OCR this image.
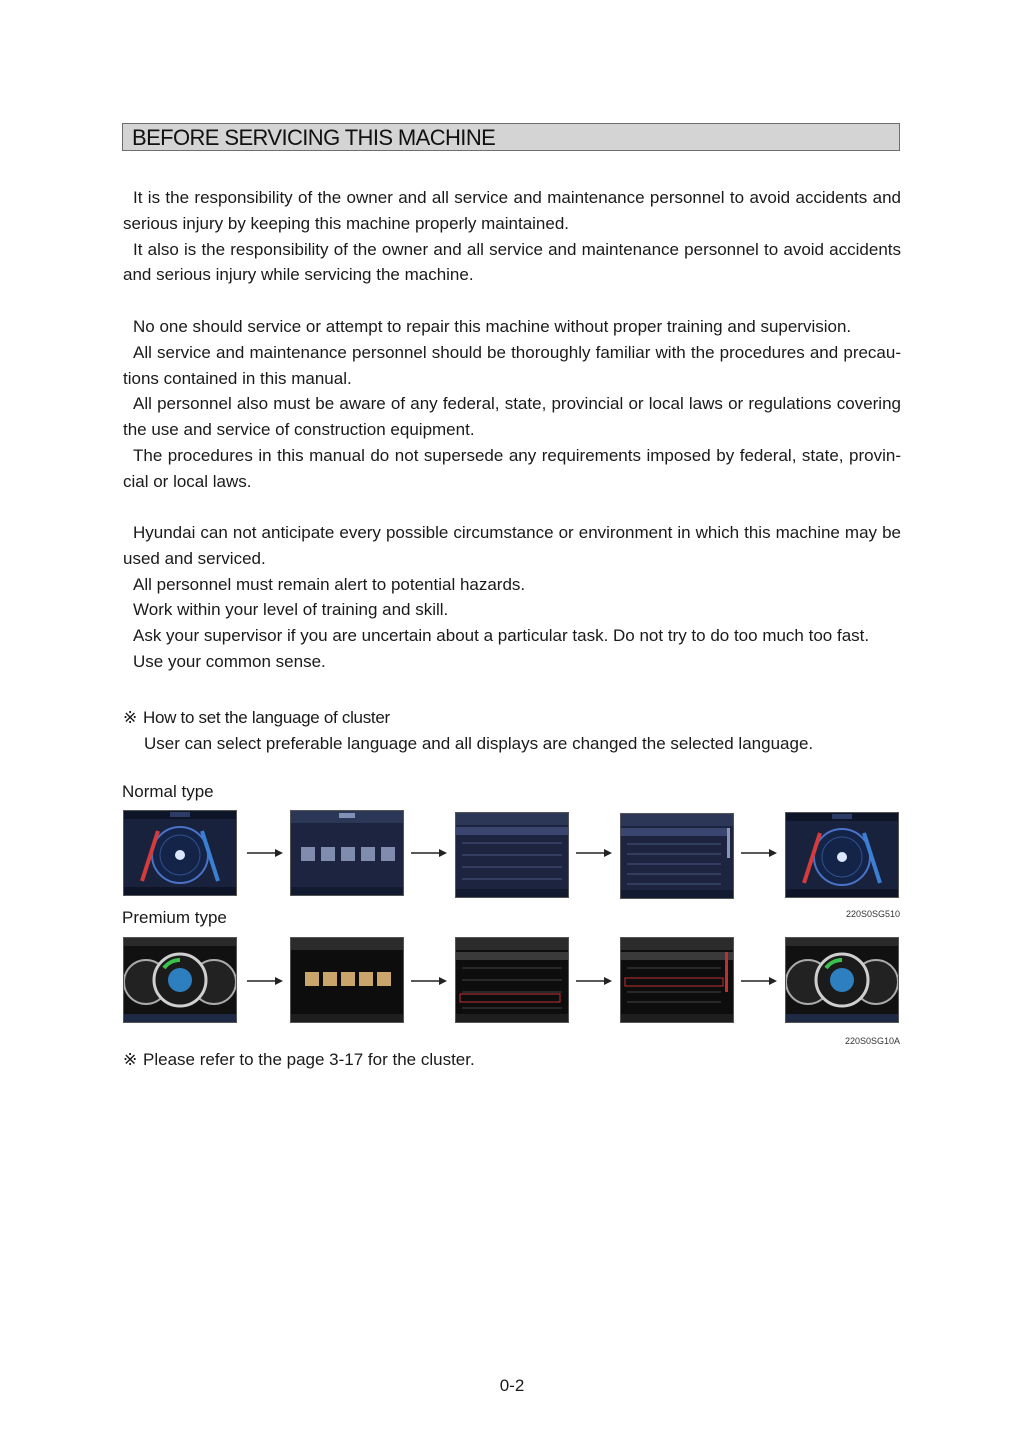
BEFORE SERVICING THIS MACHINE

It is the responsibility of the owner and all service and maintenance personnel to avoid accidents and serious injury by keeping this machine properly maintained.

It also is the responsibility of the owner and all service and maintenance personnel to avoid accidents and serious injury while servicing the machine.

No one should service or attempt to repair this machine without proper training and supervision.

All service and maintenance personnel should be thoroughly familiar with the procedures and precau-tions contained in this manual.

All personnel also must be aware of any federal, state, provincial or local laws or regulations covering the use and service of construction equipment.

The procedures in this manual do not supersede any requirements imposed by federal, state, provin-cial or local laws.

Hyundai can not anticipate every possible circumstance or environment in which this machine may be used and serviced.

All personnel must remain alert to potential hazards.

Work within your level of training and skill.

Ask your supervisor if you are uncertain about a particular task. Do not try to do too much too fast.

Use your common sense.

※ How to set the language of cluster
User can select preferable language and all displays are changed the selected language.
Normal type
Premium type	220S0SG510
220S0SG10A
※ Please refer to the page 3-17 for the cluster.
0-2
